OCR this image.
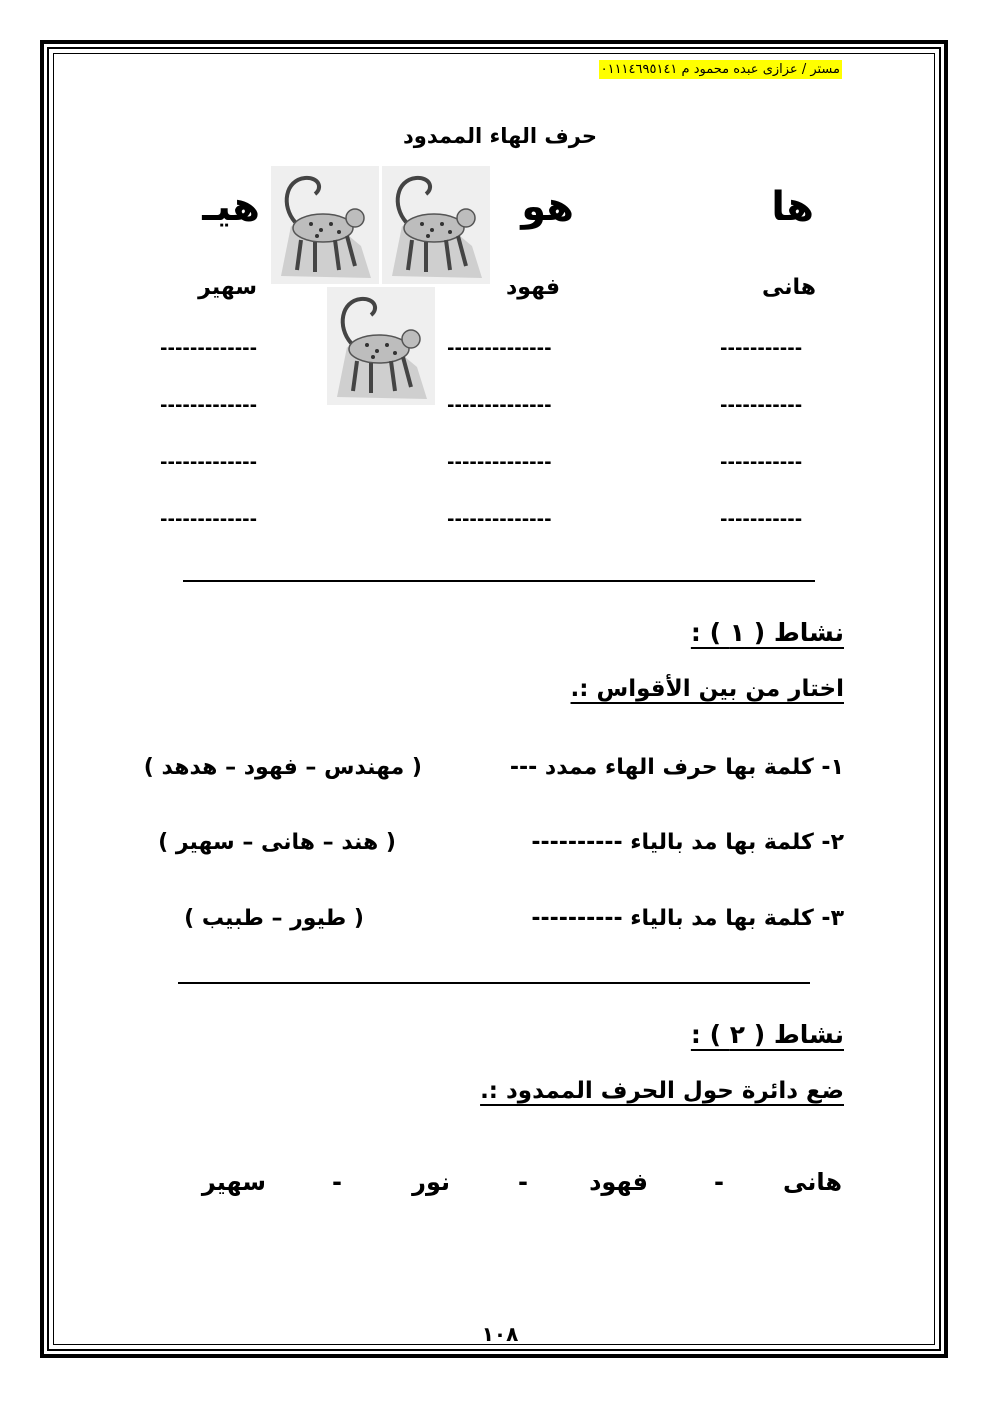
مستر / عزازى عبده محمود م ٠١١١٤٦٩٥١٤١
حرف الهاء الممدود
ها
هو
هيـ
هانى
فهود
سهير
-----------
--------------
-------------
-----------
--------------
-------------
-----------
--------------
-------------
-----------
--------------
-------------
نشاط ( ١ ) :
اختار من بين الأقواس :.
١- كلمة بها حرف الهاء ممدد ---
( مهندس – فهود – هدهد )
٢- كلمة بها مد بالياء ----------
( هند – هانى – سهير )
٣- كلمة بها مد بالياء ----------
( طيور – طبيب )
نشاط ( ٢ ) :
ضع دائرة حول الحرف الممدود :.
هانى
-
فهود
-
نور
-
سهير
١٠٨
